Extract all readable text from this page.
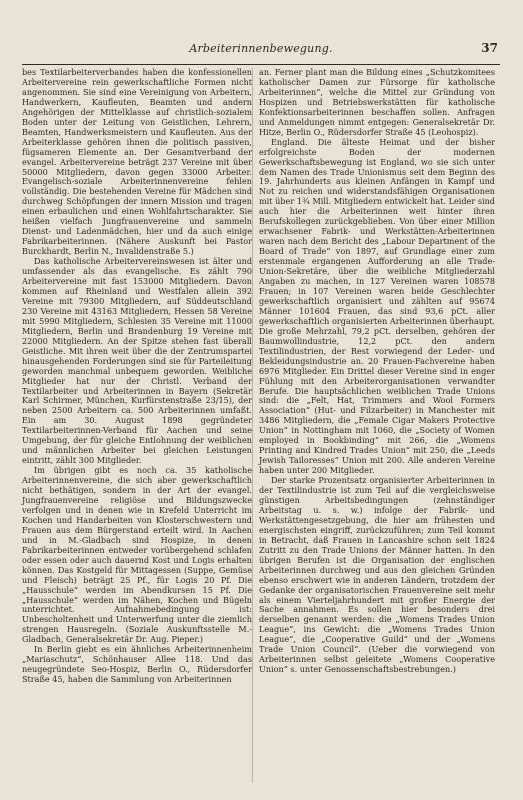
Arbeiterinnenbewegung.	37

bes Textilarbeiterverbandes haben die konfessionellen Arbeitervereine rein gewerkschaftliche Formen nicht angenommen. Sie sind eine Vereinigung von Arbeitern, Handwerkern, Kaufleuten, Beamten und andern Angehörigen der Mittelklasse auf christlich-sozialem Boden unter der Leitung von Geistlichen, Lehrern, Beamten, Handwerksmeistern und Kaufleuten. Aus der Arbeiterklasse gehören ihnen die politisch passiven, fügsameren Elemente an. Der Gesamtverband der evangel. Arbeitervereine beträgt 237 Vereine mit über 50000 Mitgliedern, davon gegen 33000 Arbeiter. Evangelisch-soziale Arbeiterinnenvereine fehlen vollständig. Die bestehenden Vereine für Mädchen sind durchweg Schöpfungen der innern Mission und tragen einen erbaulichen und einen Wohlfahrtscharakter. Sie heißen vielfach Jungfrauenvereine und sammeln Dienst- und Ladenmädchen, hier und da auch einige Fabrikarbeiterinnen. (Nähere Auskunft bei Pastor Burckhardt, Berlin N., Invalidenstraße 5.)

Das katholische Arbeitervereinswesen ist älter und umfassender als das evangelische. Es zählt 790 Arbeitervereine mit fast 153000 Mitgliedern. Davon kommen auf Rheinland und Westfalen allein 392 Vereine mit 79300 Mitgliedern, auf Süddeutschland 230 Vereine mit 43163 Mitgliedern, Hessen 58 Vereine mit 5990 Mitgliedern, Schlesien 35 Vereine mit 11000 Mitgliedern, Berlin und Brandenburg 19 Vereine mit 22000 Mitgliedern. An der Spitze stehen fast überall Geistliche. Mit ihren weit über die der Zentrumspartei hinausgehenden Forderungen sind sie für Parteileitung geworden manchmal unbequem geworden. Weibliche Mitglieder hat nur der Christl. Verband der Textilarbeiter und Arbeiterinnen in Bayern (Sekretär Karl Schirmer, München, Kurfürstenstraße 23/15), der neben 2500 Arbeitern ca. 500 Arbeiterinnen umfaßt. Ein am 30. August 1898 gegründeter Textilarbeiterinnen-Verband für Aachen und seine Umgebung, der für gleiche Entlohnung der weiblichen und männlichen Arbeiter bei gleichen Leistungen eintritt, zählt 300 Mitglieder.

Im übrigen gibt es noch ca. 35 katholische Arbeiterinnenvereine, die sich aber gewerkschaftlich nicht bethätigen, sondern in der Art der evangel. Jungfrauenvereine religiöse und Bildungszwecke verfolgen und in denen wie in Krefeld Unterricht im Kochen und Handarbeiten von Klosterschwestern und Frauen aus dem Bürgerstand erteilt wird. In Aachen und in M.-Gladbach sind Hospize, in denen Fabrikarbeiterinnen entweder vorübergehend schlafen oder essen oder auch dauernd Kost und Logis erhalten können. Das Kostgeld für Mittagessen (Suppe, Gemüse und Fleisch) beträgt 25 Pf., für Logis 20 Pf. Die „Hausschule“ werden im Abendkursen 15 Pf. Die „Hausschule“ werden im Nähen, Kochen und Bügeln unterrichtet. Aufnahmebedingung ist: Unbescholtenheit und Unterwerfung unter die ziemlich strengen Hausregeln. (Soziale Auskunftsstelle M.-Gladbach, Generalsekretär Dr. Aug. Pieper.)

In Berlin giebt es ein ähnliches Arbeiterinnenheim „Mariaschutz“, Schönhauser Allee 118. Und das neugegründete Seo-Hospiz, Berlin O., Rüdersdorfer Straße 45, haben die Sammlung von Arbeiterinnen

an. Ferner plant man die Bildung eines „Schutzkomitees katholischer Damen zur Fürsorge für katholische Arbeiterinnen“, welche die Mittel zur Gründung von Hospizen und Betriebswerkstätten für katholische Konfektionsarbeiterinnen beschaffen sollen. Anfragen und Anmeldungen nimmt entgegen: Generalsekretär Dr. Hitze, Berlin O., Rüdersdorfer Straße 45 (Leohospiz).

England. Die älteste Heimat und der bisher erfolgreichste Boden der modernen Gewerkschaftsbewegung ist England, wo sie sich unter dem Namen des Trade Unionismus seit dem Beginn des 19. Jahrhunderts aus kleinen Anfängen in Kampf und Not zu reichen und widerstandsfähigen Organisationen mit über 1¾ Mill. Mitgliedern entwickelt hat. Leider sind auch hier die Arbeiterinnen weit hinter ihren Berufskollegen zurückgeblieben. Von über einer Million erwachsener Fabrik- und Werkstätten-Arbeiterinnen waren nach dem Bericht des „Labour Department of the Board of Trade“ von 1897, auf Grundlage einer zum erstenmale ergangenen Aufforderung an alle Trade-Union-Sekretäre, über die weibliche Mitgliederzahl Angaben zu machen, in 127 Vereinen waren 108578 Frauen; in 107 Vereinen waren beide Geschlechter gewerkschaftlich organisiert und zählten auf 95674 Männer 101604 Frauen, das sind 93,6 pCt. aller gewerkschaftlich organisierten Arbeiterinnen überhaupt. Die große Mehrzahl, 79,2 pCt. derselben, gehören der Baumwollindustrie, 12,2 pCt. den andern Textilindustrien, der Rest vorwiegend der Leder- und Bekleidungsindustrie an. 20 Frauen-Fachvereine haben 6976 Mitglieder. Ein Drittel dieser Vereine sind in enger Fühlung mit den Arbeiterorganisationen verwandter Berufe. Die hauptsächlichen weiblichen Trade Unions sind: die „Felt, Hat, Trimmers and Wool Formers Association“ (Hut- und Filzarbeiter) in Manchester mit 3486 Mitgliedern, die „Female Cigar Makers Protective Union“ in Nottingham mit 1060, die „Society of Women employed in Bookbinding“ mit 266, die „Womens Printing and Kindred Trades Union“ mit 250, die „Leeds Jewish Tailoresses“ Union mit 200. Alle anderen Vereine haben unter 200 Mitglieder.

Der starke Prozentsatz organisierter Arbeiterinnen in der Textilindustrie ist zum Teil auf die vergleichsweise günstigen Arbeitsbedingungen (zehnständiger Arbeitstag u. s. w.) infolge der Fabrik- und Werkstättengesetzgebung, die hier am frühesten und energischsten eingriff, zurückzuführen; zum Teil kommt in Betracht, daß Frauen in Lancashire schon seit 1824 Zutritt zu den Trade Unions der Männer hatten. In den übrigen Berufen ist die Organisation der englischen Arbeiterinnen durchweg und aus den gleichen Gründen ebenso erschwert wie in anderen Ländern, trotzdem der Gedanke der organisatorischen Frauenvereine seit mehr als einem Vierteljahrhundert mit großer Energie der Sache annahmen. Es sollen hier besonders drei derselben genannt werden: die „Womens Trades Union League“, ins Gewicht: die „Womens Trades Union League“, die „Cooperative Guild“ und der „Womens Trade Union Council“. (Ueber die vorwiegend von Arbeiterinnen selbst geleitete „Womens Cooperative Union“ s. unter Genossenschaftsbestrebungen.)
